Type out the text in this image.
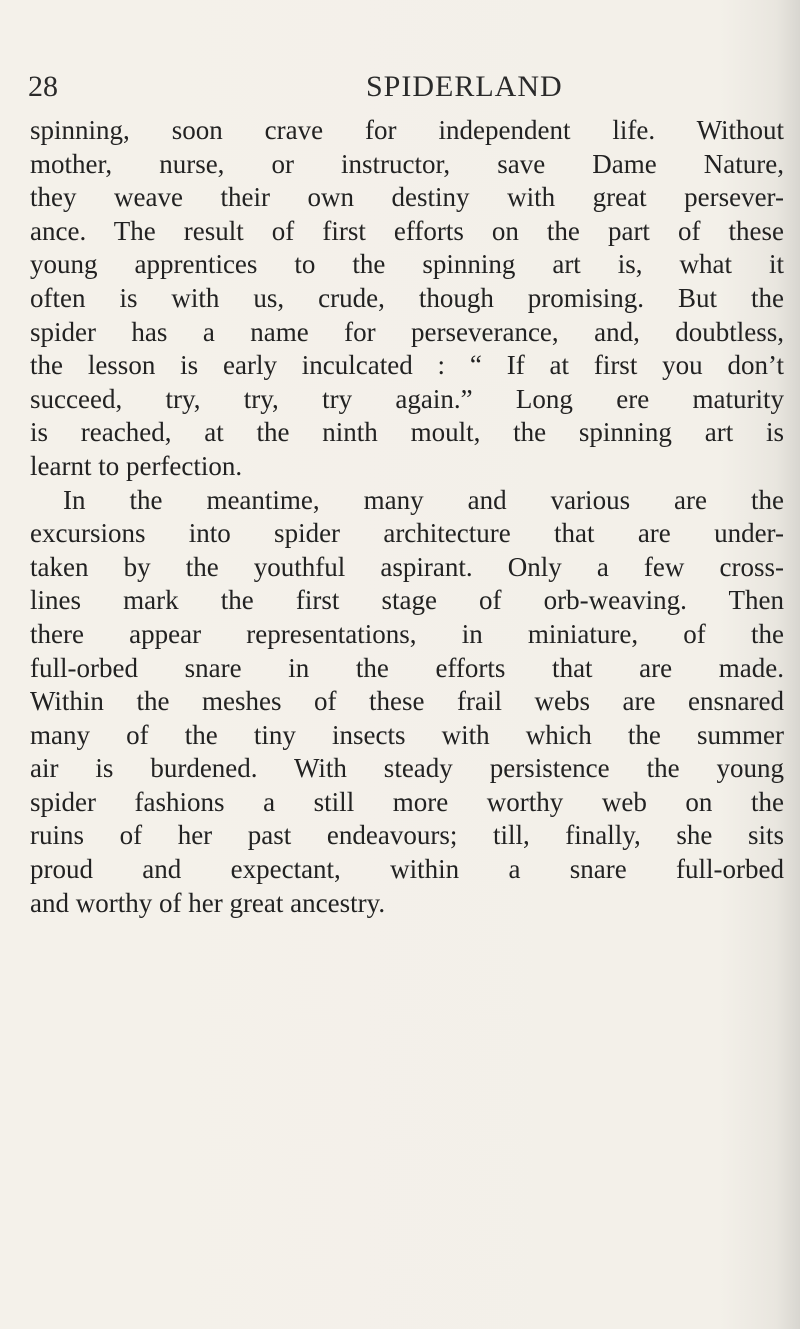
28	SPIDERLAND
spinning, soon crave for independent life. Without
mother, nurse, or instructor, save Dame Nature,
they weave their own destiny with great persever-
ance. The result of first efforts on the part of these
young apprentices to the spinning art is, what it
often is with us, crude, though promising. But the
spider has a name for perseverance, and, doubtless,
the lesson is early inculcated : “ If at first you don’t
succeed, try, try, try again.” Long ere maturity
is reached, at the ninth moult, the spinning art is
learnt to perfection.
In the meantime, many and various are the
excursions into spider architecture that are under-
taken by the youthful aspirant. Only a few cross-
lines mark the first stage of orb-weaving. Then
there appear representations, in miniature, of the
full-orbed snare in the efforts that are made.
Within the meshes of these frail webs are ensnared
many of the tiny insects with which the summer
air is burdened. With steady persistence the young
spider fashions a still more worthy web on the
ruins of her past endeavours; till, finally, she sits
proud and expectant, within a snare full-orbed
and worthy of her great ancestry.
